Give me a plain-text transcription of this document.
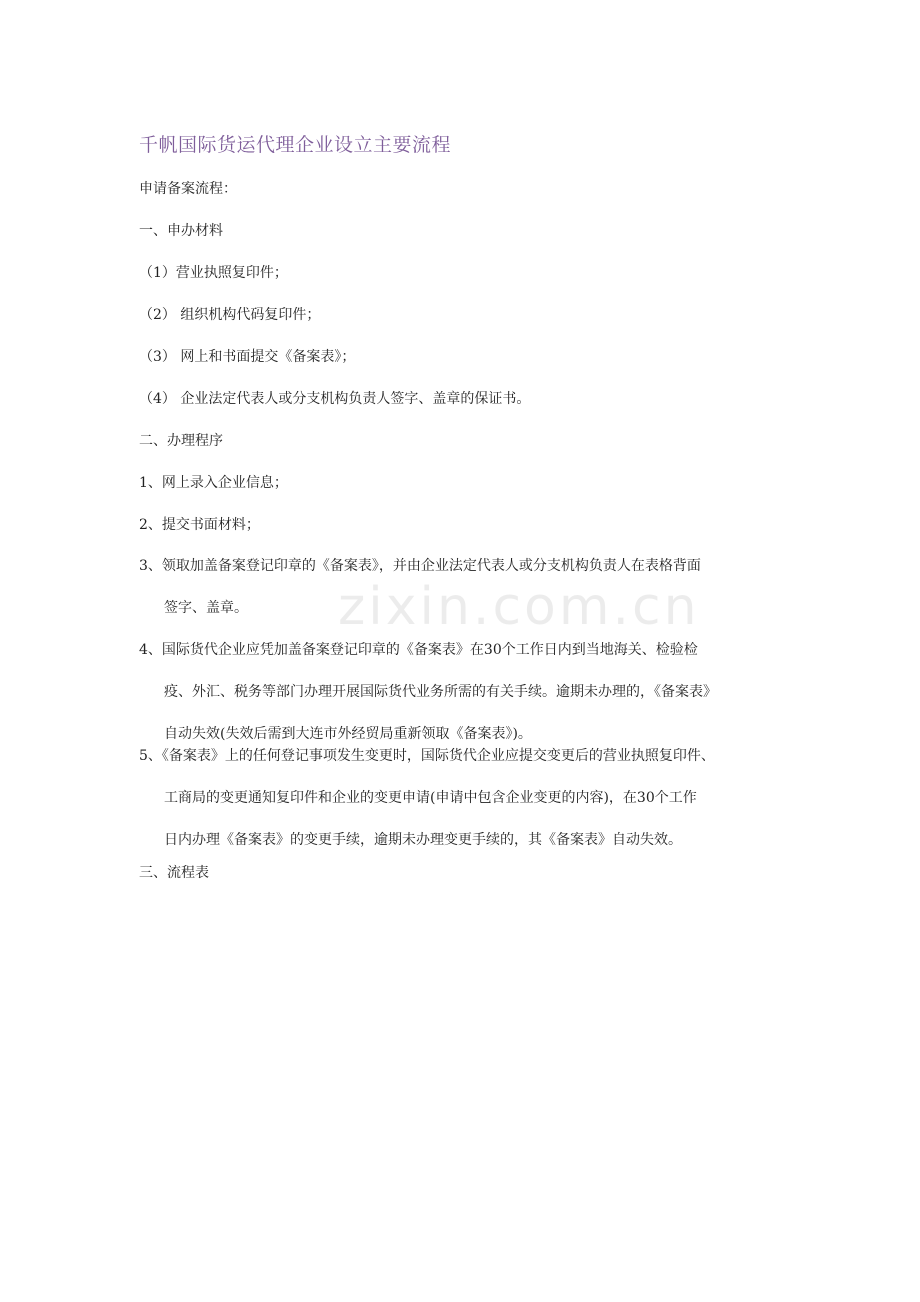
千帆国际货运代理企业设立主要流程
申请备案流程：
一、申办材料
（1）营业执照复印件；
（2） 组织机构代码复印件；
（3） 网上和书面提交《备案表》；
（4） 企业法定代表人或分支机构负责人签字、盖章的保证书。
二、办理程序
1、网上录入企业信息；
2、提交书面材料；
3、领取加盖备案登记印章的《备案表》，并由企业法定代表人或分支机构负责人在表格背面
签字、盖章。
4、国际货代企业应凭加盖备案登记印章的《备案表》在30个工作日内到当地海关、检验检
疫、外汇、税务等部门办理开展国际货代业务所需的有关手续。逾期未办理的，《备案表》
自动失效(失效后需到大连市外经贸局重新领取《备案表》)。
5、《备案表》上的任何登记事项发生变更时，国际货代企业应提交变更后的营业执照复印件、
工商局的变更通知复印件和企业的变更申请(申请中包含企业变更的内容)，在30个工作
日内办理《备案表》的变更手续，逾期未办理变更手续的，其《备案表》自动失效。
三、流程表
zixin.com.cn
